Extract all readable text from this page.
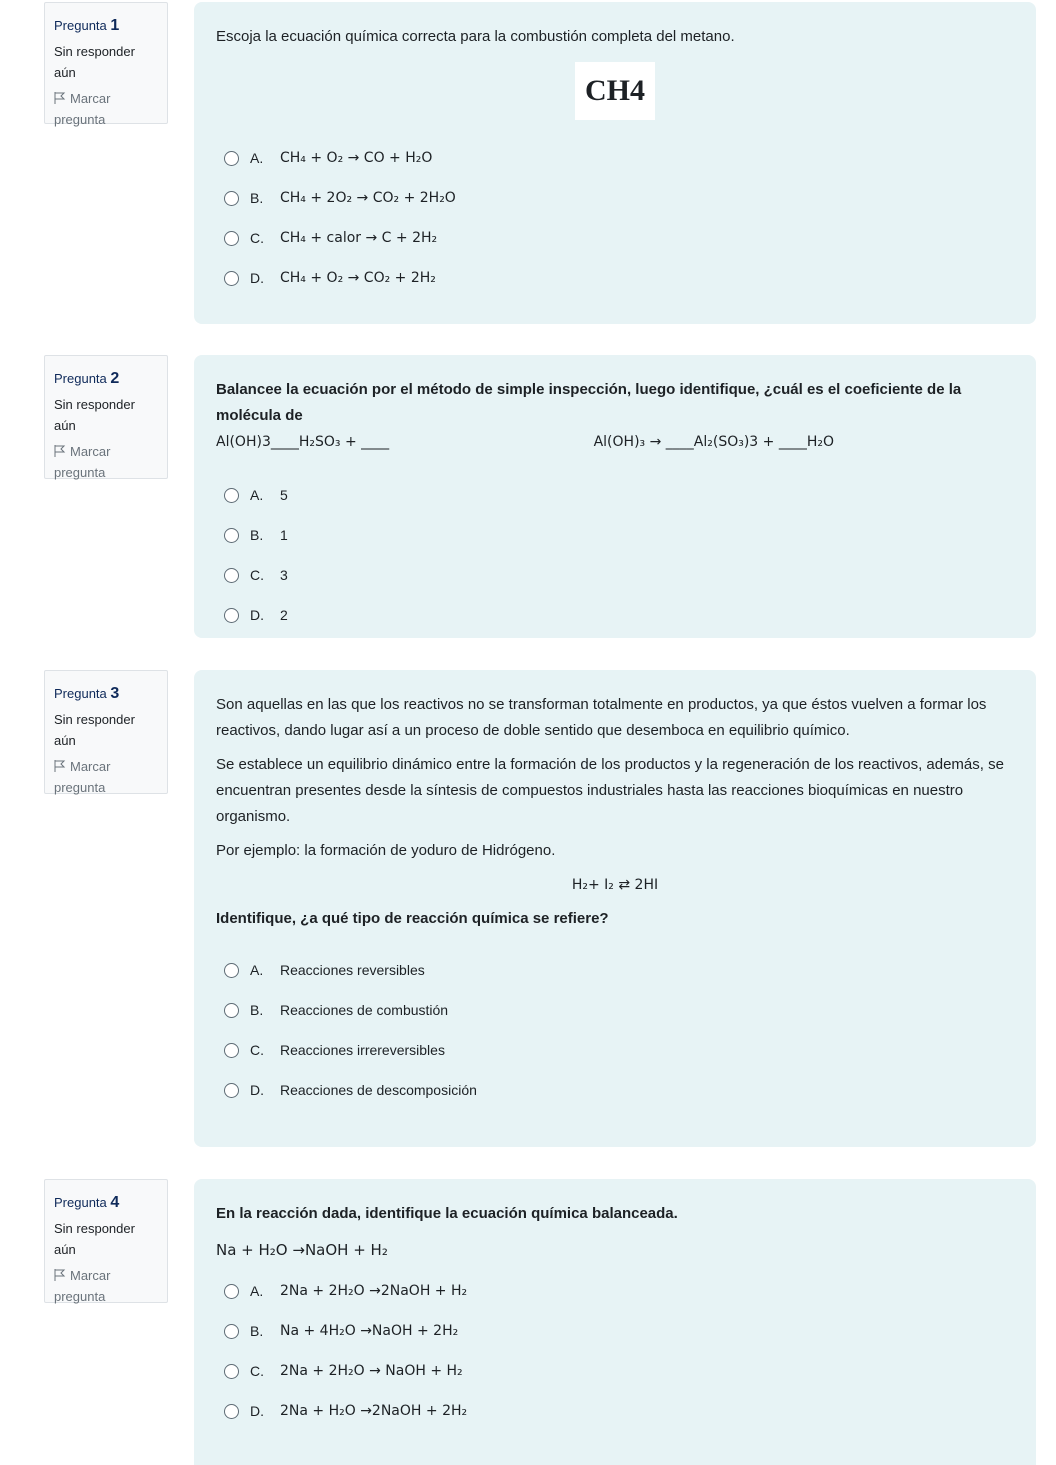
Pregunta 1
Sin responder aún
Marcar pregunta

Escoja la ecuación química correcta para la combustión completa del metano.

CH4
A.	CH₄ + O₂ → CO + H₂O
B.	CH₄ + 2O₂ → CO₂ + 2H₂O
C.	CH₄ + calor → C + 2H₂
D.	CH₄ + O₂ → CO₂ + 2H₂
Pregunta 2
Sin responder aún
Marcar pregunta

Balancee la ecuación por el método de simple inspección, luego identifique, ¿cuál es el coeficiente de la molécula de

Al(OH)3____H₂SO₃ + ____	Al(OH)₃ → ____Al₂(SO₃)3 + ____H₂O
A.	5
B.	1
C.	3
D.	2
Pregunta 3
Sin responder aún
Marcar pregunta

Son aquellas en las que los reactivos no se transforman totalmente en productos, ya que éstos vuelven a formar los reactivos, dando lugar así a un proceso de doble sentido que desemboca en equilibrio químico.

Se establece un equilibrio dinámico entre la formación de los productos y la regeneración de los reactivos, además, se encuentran presentes desde la síntesis de compuestos industriales hasta las reacciones bioquímicas en nuestro organismo.

Por ejemplo: la formación de yoduro de Hidrógeno.

H₂+ I₂ ⇄ 2HI

Identifique, ¿a qué tipo de reacción química se refiere?

A.	Reacciones reversibles
B.	Reacciones de combustión
C.	Reacciones irrereversibles
D.	Reacciones de descomposición
Pregunta 4
Sin responder aún
Marcar pregunta

En la reacción dada, identifique la ecuación química balanceada.

Na + H₂O →NaOH + H₂

A.	2Na + 2H₂O →2NaOH + H₂
B.	Na + 4H₂O →NaOH + 2H₂
C.	2Na + 2H₂O → NaOH + H₂
D.	2Na + H₂O →2NaOH + 2H₂
